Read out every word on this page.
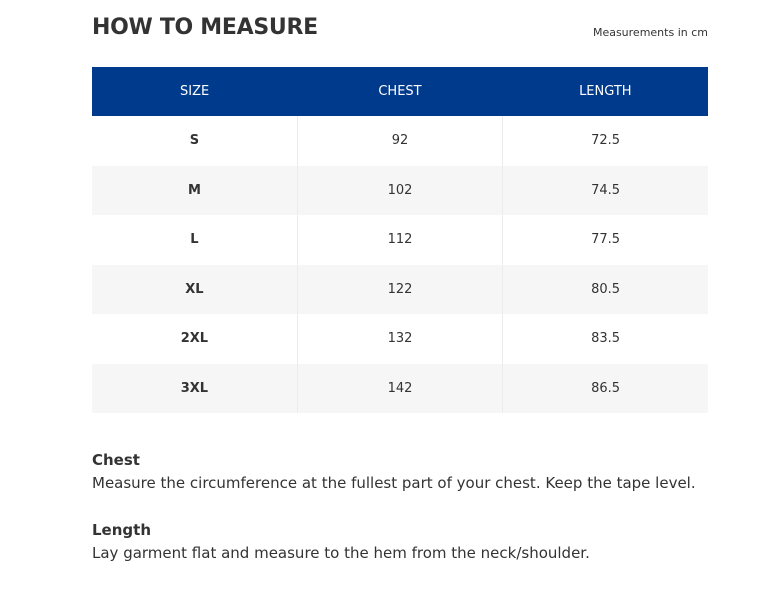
HOW TO MEASURE	Measurements in cm
SIZE	CHEST	LENGTH
S	92	72.5
M	102	74.5
L	112	77.5
XL	122	80.5
2XL	132	83.5
3XL	142	86.5
Chest
Measure the circumference at the fullest part of your chest. Keep the tape level.
Length
Lay garment flat and measure to the hem from the neck/shoulder.
